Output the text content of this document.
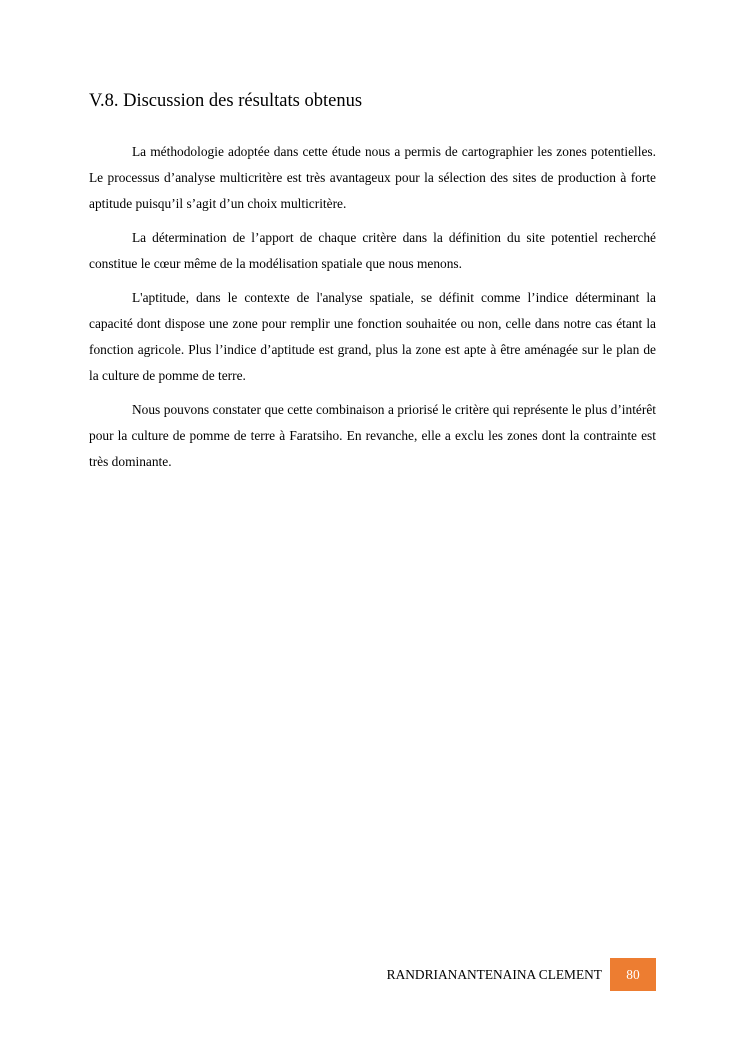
V.8. Discussion des résultats obtenus

La méthodologie adoptée dans cette étude nous a permis de cartographier les zones potentielles. Le processus d’analyse multicritère est très avantageux pour la sélection des sites de production à forte aptitude puisqu’il s’agit d’un choix multicritère.

La détermination de l’apport de chaque critère dans la définition du site potentiel recherché constitue le cœur même de la modélisation spatiale que nous menons.

L'aptitude, dans le contexte de l'analyse spatiale, se définit comme l’indice déterminant la capacité dont dispose une zone pour remplir une fonction souhaitée ou non, celle dans notre cas étant la fonction agricole. Plus l’indice d’aptitude est grand, plus la zone est apte à être aménagée sur le plan de la culture de pomme de terre.

Nous pouvons constater que cette combinaison a priorisé le critère qui représente le plus d’intérêt pour la culture de pomme de terre à Faratsiho. En revanche, elle a exclu les zones dont la contrainte est très dominante.

RANDRIANANTENAINA CLEMENT	80
